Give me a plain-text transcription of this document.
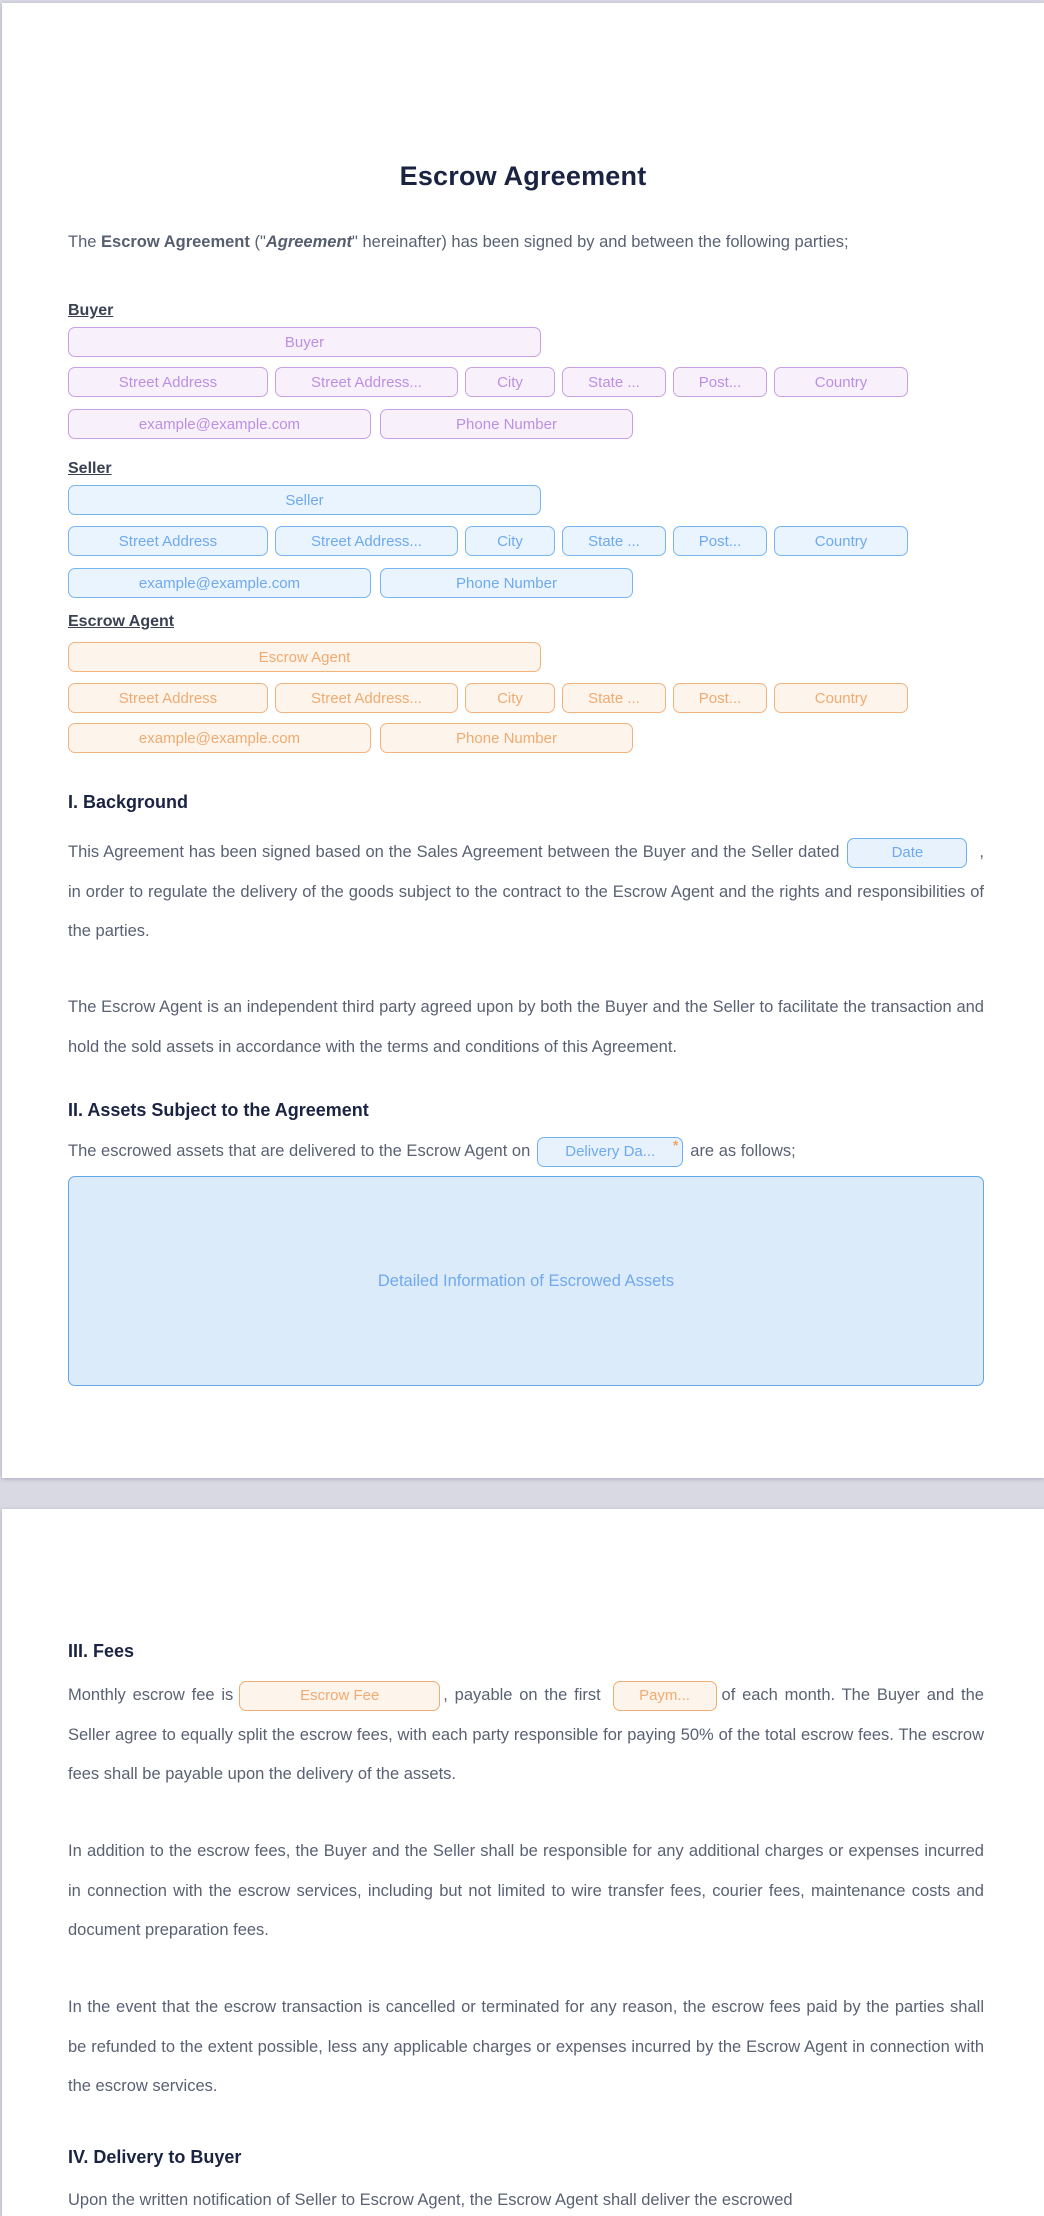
Escrow Agreement

The Escrow Agreement ("Agreement" hereinafter) has been signed by and between the following parties;

Buyer
Buyer
Street Address	Street Address...	City	State ...	Post...	Country
example@example.com	Phone Number
Seller
Seller
Street Address	Street Address...	City	State ...	Post...	Country
example@example.com	Phone Number
Escrow Agent
Escrow Agent
Street Address	Street Address...	City	State ...	Post...	Country
example@example.com	Phone Number
I. Background

This Agreement has been signed based on the Sales Agreement between the Buyer and the Seller dated	Date	, in order to regulate the delivery of the goods subject to the contract to the Escrow Agent and the rights and responsibilities of the parties.

The Escrow Agent is an independent third party agreed upon by both the Buyer and the Seller to facilitate the transaction and hold the sold assets in accordance with the terms and conditions of this Agreement.

II. Assets Subject to the Agreement

The escrowed assets that are delivered to the Escrow Agent on Delivery Da... * are as follows;

Detailed Information of Escrowed Assets
III. Fees

Monthly escrow fee is	Escrow Fee	, payable on the first	Paym... of each month. The Buyer and the Seller agree to equally split the escrow fees, with each party responsible for paying 50% of the total escrow fees. The escrow fees shall be payable upon the delivery of the assets.

In addition to the escrow fees, the Buyer and the Seller shall be responsible for any additional charges or expenses incurred in connection with the escrow services, including but not limited to wire transfer fees, courier fees, maintenance costs and document preparation fees.

In the event that the escrow transaction is cancelled or terminated for any reason, the escrow fees paid by the parties shall be refunded to the extent possible, less any applicable charges or expenses incurred by the Escrow Agent in connection with the escrow services.

IV. Delivery to Buyer

Upon the written notification of Seller to Escrow Agent, the Escrow Agent shall deliver the escrowed
